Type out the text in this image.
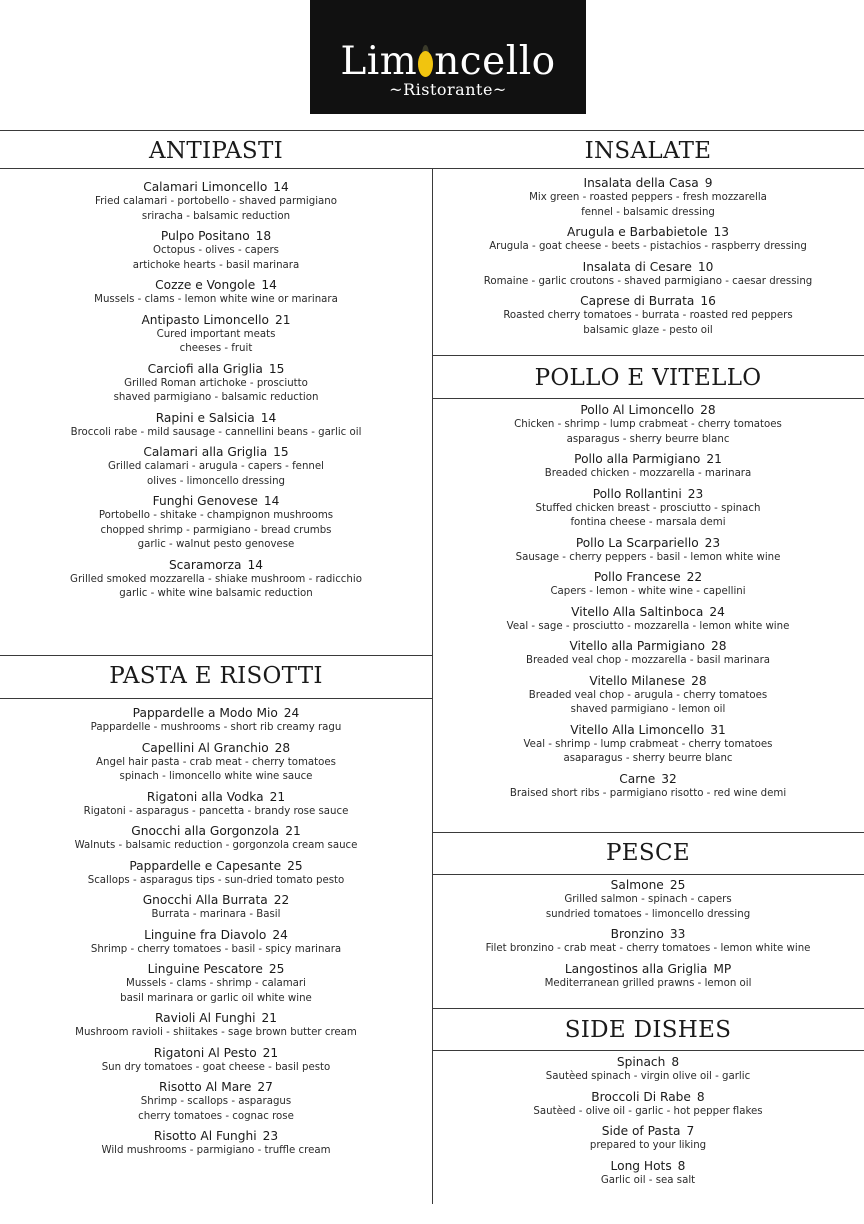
Lim ncello
~Ristorante~
ANTIPASTI	INSALATE
PASTA E RISOTTI
POLLO E VITELLO
PESCE
SIDE DISHES
Calamari Limoncello 14
Fried calamari - portobello - shaved parmigiano
sriracha - balsamic reduction
Pulpo Positano 18
Octopus - olives - capers
artichoke hearts - basil marinara
Cozze e Vongole 14
Mussels - clams - lemon white wine or marinara
Antipasto Limoncello 21
Cured important meats
cheeses - fruit
Carciofi alla Griglia 15
Grilled Roman artichoke - prosciutto
shaved parmigiano - balsamic reduction
Rapini e Salsicia 14
Broccoli rabe - mild sausage - cannellini beans - garlic oil
Calamari alla Griglia 15
Grilled calamari - arugula - capers - fennel
olives - limoncello dressing
Funghi Genovese 14
Portobello - shitake - champignon mushrooms
chopped shrimp - parmigiano - bread crumbs
garlic - walnut pesto genovese
Scaramorza 14
Grilled smoked mozzarella - shiake mushroom - radicchio
garlic - white wine balsamic reduction
Pappardelle a Modo Mio 24
Pappardelle - mushrooms - short rib creamy ragu
Capellini Al Granchio 28
Angel hair pasta - crab meat - cherry tomatoes
spinach - limoncello white wine sauce
Rigatoni alla Vodka 21
Rigatoni - asparagus - pancetta - brandy rose sauce
Gnocchi alla Gorgonzola 21
Walnuts - balsamic reduction - gorgonzola cream sauce
Pappardelle e Capesante 25
Scallops - asparagus tips - sun-dried tomato pesto
Gnocchi Alla Burrata 22
Burrata - marinara - Basil
Linguine fra Diavolo 24
Shrimp - cherry tomatoes - basil - spicy marinara
Linguine Pescatore 25
Mussels - clams - shrimp - calamari
basil marinara or garlic oil white wine
Ravioli Al Funghi 21
Mushroom ravioli - shiitakes - sage brown butter cream
Rigatoni Al Pesto 21
Sun dry tomatoes - goat cheese - basil pesto
Risotto Al Mare 27
Shrimp - scallops - asparagus
cherry tomatoes - cognac rose
Risotto Al Funghi 23
Wild mushrooms - parmigiano - truffle cream
Insalata della Casa 9
Mix green - roasted peppers - fresh mozzarella
fennel - balsamic dressing
Arugula e Barbabietole 13
Arugula - goat cheese - beets - pistachios - raspberry dressing
Insalata di Cesare 10
Romaine - garlic croutons - shaved parmigiano - caesar dressing
Caprese di Burrata 16
Roasted cherry tomatoes - burrata - roasted red peppers
balsamic glaze - pesto oil
Pollo Al Limoncello 28
Chicken - shrimp - lump crabmeat - cherry tomatoes
asparagus - sherry beurre blanc
Pollo alla Parmigiano 21
Breaded chicken - mozzarella - marinara
Pollo Rollantini 23
Stuffed chicken breast - prosciutto - spinach
fontina cheese - marsala demi
Pollo La Scarpariello 23
Sausage - cherry peppers - basil - lemon white wine
Pollo Francese 22
Capers - lemon - white wine - capellini
Vitello Alla Saltinboca 24
Veal - sage - prosciutto - mozzarella - lemon white wine
Vitello alla Parmigiano 28
Breaded veal chop - mozzarella - basil marinara
Vitello Milanese 28
Breaded veal chop - arugula - cherry tomatoes
shaved parmigiano - lemon oil
Vitello Alla Limoncello 31
Veal - shrimp - lump crabmeat - cherry tomatoes
asaparagus - sherry beurre blanc
Carne 32
Braised short ribs - parmigiano risotto - red wine demi
Salmone 25
Grilled salmon - spinach - capers
sundried tomatoes - limoncello dressing
Bronzino 33
Filet bronzino - crab meat - cherry tomatoes - lemon white wine
Langostinos alla Griglia MP
Mediterranean grilled prawns - lemon oil
Spinach 8
Sautèed spinach - virgin olive oil - garlic
Broccoli Di Rabe 8
Sautèed - olive oil - garlic - hot pepper flakes
Side of Pasta 7
prepared to your liking
Long Hots 8
Garlic oil - sea salt
